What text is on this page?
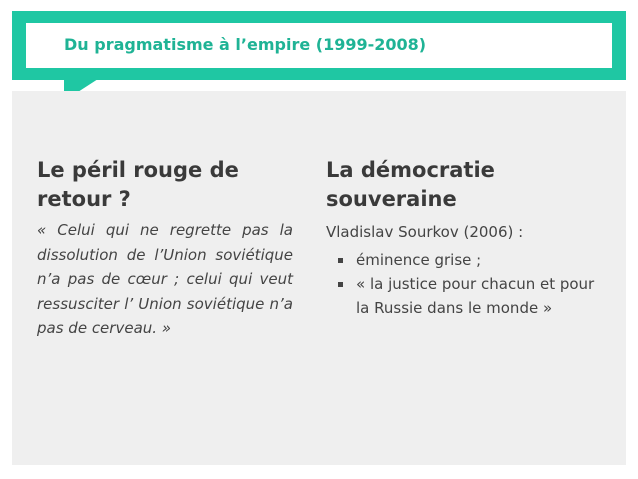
Du pragmatisme à l’empire (1999-2008)
Le péril rouge de retour ?
« Celui qui ne regrette pas la dissolution de l’Union soviétique n’a pas de cœur ; celui qui veut ressusciter l’ Union soviétique n’a pas de cerveau. »
La démocratie souveraine
Vladislav Sourkov (2006) :
éminence grise ;
« la justice pour chacun et pour la Russie dans le monde »
